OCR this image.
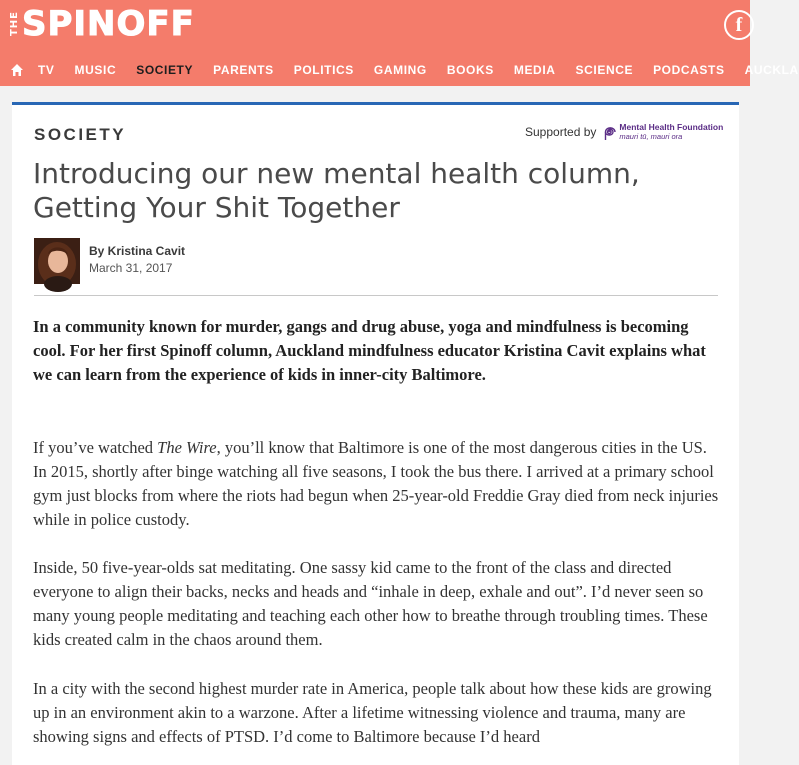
THE SPINOFF	f
TV MUSIC SOCIETY PARENTS POLITICS GAMING BOOKS MEDIA SCIENCE PODCASTS AUCKLA
SOCIETY	Supported by	Mental Health Foundation
mauri tū, mauri ora
Introducing our new mental health column, Getting Your Shit Together
By Kristina Cavit
March 31, 2017
In a community known for murder, gangs and drug abuse, yoga and mindfulness is becoming cool. For her first Spinoff column, Auckland mindfulness educator Kristina Cavit explains what we can learn from the experience of kids in inner-city Baltimore.
If you’ve watched The Wire, you’ll know that Baltimore is one of the most dangerous cities in the US. In 2015, shortly after binge watching all five seasons, I took the bus there. I arrived at a primary school gym just blocks from where the riots had begun when 25-year-old Freddie Gray died from neck injuries while in police custody.
Inside, 50 five-year-olds sat meditating. One sassy kid came to the front of the class and directed everyone to align their backs, necks and heads and “inhale in deep, exhale and out”. I’d never seen so many young people meditating and teaching each other how to breathe through troubling times. These kids created calm in the chaos around them.
In a city with the second highest murder rate in America, people talk about how these kids are growing up in an environment akin to a warzone. After a lifetime witnessing violence and trauma, many are showing signs and effects of PTSD. I’d come to Baltimore because I’d heard
